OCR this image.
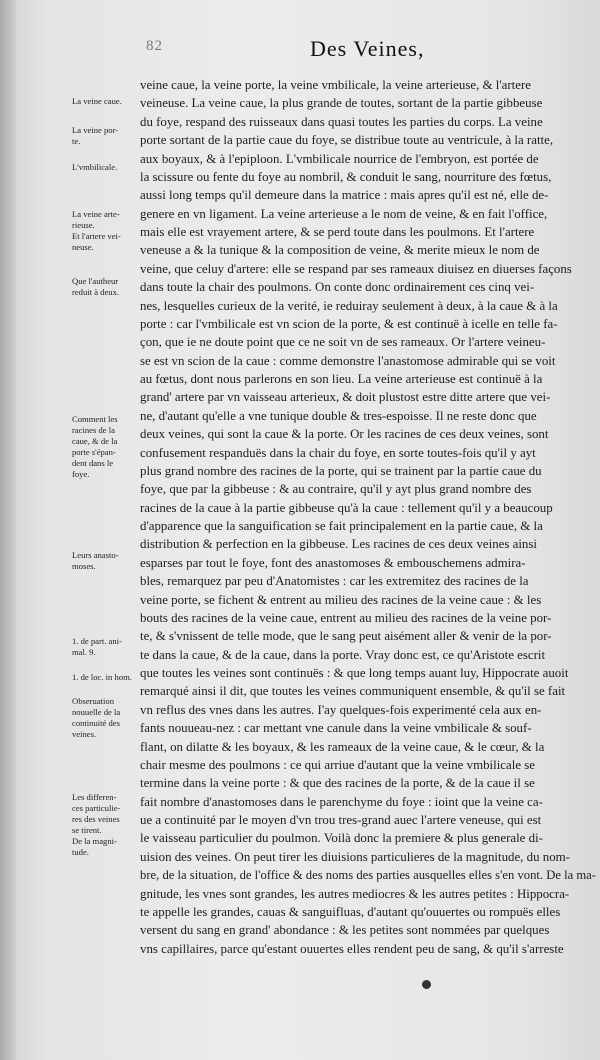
82	Des Veines,
veine caue, la veine porte, la veine vmbilicale, la veine arterieuse, & l'artere
veineuse. La veine caue, la plus grande de toutes, sortant de la partie gibbeuse
du foye, respand des ruisseaux dans quasi toutes les parties du corps. La veine
porte sortant de la partie caue du foye, se distribue toute au ventricule, à la ratte,
aux boyaux, & à l'epiploon. L'vmbilicale nourrice de l'embryon, est portée de
la scissure ou fente du foye au nombril, & conduit le sang, nourriture des fœtus,
aussi long temps qu'il demeure dans la matrice : mais apres qu'il est né, elle de-
genere en vn ligament. La veine arterieuse a le nom de veine, & en fait l'office,
mais elle est vrayement artere, & se perd toute dans les poulmons. Et l'artere
veneuse a & la tunique & la composition de veine, & merite mieux le nom de
veine, que celuy d'artere: elle se respand par ses rameaux diuisez en diuerses façons
dans toute la chair des poulmons. On conte donc ordinairement ces cinq vei-
nes, lesquelles curieux de la verité, ie reduiray seulement à deux, à la caue & à la
porte : car l'vmbilicale est vn scion de la porte, & est continuë à icelle en telle fa-
çon, que ie ne doute point que ce ne soit vn de ses rameaux. Or l'artere veineu-
se est vn scion de la caue : comme demonstre l'anastomose admirable qui se voit
au fœtus, dont nous parlerons en son lieu. La veine arterieuse est continuë à la
grand' artere par vn vaisseau arterieux, & doit plustost estre ditte artere que vei-
ne, d'autant qu'elle a vne tunique double & tres-espoisse. Il ne reste donc que
deux veines, qui sont la caue & la porte. Or les racines de ces deux veines, sont
confusement respanduës dans la chair du foye, en sorte toutes-fois qu'il y ayt
plus grand nombre des racines de la porte, qui se trainent par la partie caue du
foye, que par la gibbeuse : & au contraire, qu'il y ayt plus grand nombre des
racines de la caue à la partie gibbeuse qu'à la caue : tellement qu'il y a beaucoup
d'apparence que la sanguification se fait principalement en la partie caue, & la
distribution & perfection en la gibbeuse. Les racines de ces deux veines ainsi
esparses par tout le foye, font des anastomoses & embouschemens admira-
bles, remarquez par peu d'Anatomistes : car les extremitez des racines de la
veine porte, se fichent & entrent au milieu des racines de la veine caue : & les
bouts des racines de la veine caue, entrent au milieu des racines de la veine por-
te, & s'vnissent de telle mode, que le sang peut aisément aller & venir de la por-
te dans la caue, & de la caue, dans la porte. Vray donc est, ce qu'Aristote escrit
que toutes les veines sont continuës : & que long temps auant luy, Hippocrate auoit
remarqué ainsi il dit, que toutes les veines communiquent ensemble, & qu'il se fait
vn reflus des vnes dans les autres. I'ay quelques-fois experimenté cela aux en-
fants nouueau-nez : car mettant vne canule dans la veine vmbilicale & souf-
flant, on dilatte & les boyaux, & les rameaux de la veine caue, & le cœur, & la
chair mesme des poulmons : ce qui arriue d'autant que la veine vmbilicale se
termine dans la veine porte : & que des racines de la porte, & de la caue il se
fait nombre d'anastomoses dans le parenchyme du foye : ioint que la veine ca-
ue a continuité par le moyen d'vn trou tres-grand auec l'artere veneuse, qui est
le vaisseau particulier du poulmon. Voilà donc la premiere & plus generale di-
uision des veines. On peut tirer les diuisions particulieres de la magnitude, du nom-
bre, de la situation, de l'office & des noms des parties ausquelles elles s'en vont. De la ma-
gnitude, les vnes sont grandes, les autres mediocres & les autres petites : Hippocra-
te appelle les grandes, cauas & sanguifluas, d'autant qu'ouuertes ou rompuës elles
versent du sang en grand' abondance : & les petites sont nommées par quelques
vns capillaires, parce qu'estant ouuertes elles rendent peu de sang, & qu'il s'arreste
La veine caue.
La veine por-
te.
L'vmbilicale.
La veine arte-
rieuse.
Et l'artere vei-
neuse.
Que l'autheur
reduit à deux.
Comment les
racines de la
caue, & de la
porte s'épan-
dent dans le
foye.
Leurs anasto-
moses.
1. de part. ani-
mal. 9.
1. de loc. in hom.
Obseruation
nouuelle de la
continuité des
veines.
Les differen-
ces particulie-
res des veines
se tirent.
De la magni-
tude.
